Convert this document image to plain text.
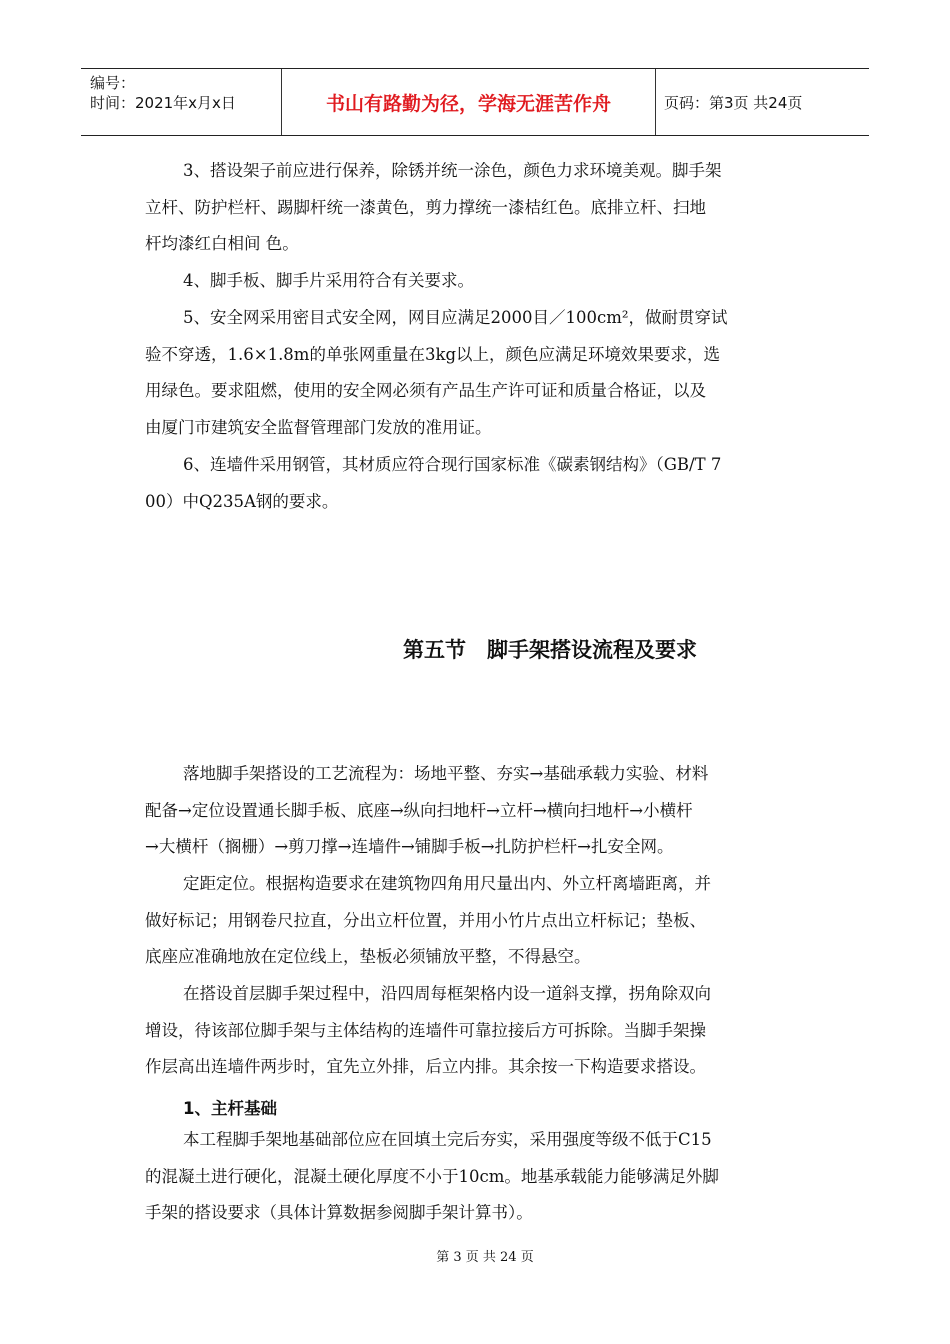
编号：
时间：2021年x月x日	书山有路勤为径，学海无涯苦作舟	页码：第3页 共24页
3、搭设架子前应进行保养，除锈并统一涂色，颜色力求环境美观。脚手架
立杆、防护栏杆、踢脚杆统一漆黄色，剪力撑统一漆桔红色。底排立杆、扫地
杆均漆红白相间 色。
4、脚手板、脚手片采用符合有关要求。
5、安全网采用密目式安全网，网目应满足2000目／100cm²，做耐贯穿试
验不穿透，1.6×1.8m的单张网重量在3kg以上，颜色应满足环境效果要求，选
用绿色。要求阻燃，使用的安全网必须有产品生产许可证和质量合格证，以及
由厦门市建筑安全监督管理部门发放的准用证。
6、连墙件采用钢管，其材质应符合现行国家标准《碳素钢结构》（GB/T 7
00）中Q235A钢的要求。
第五节　脚手架搭设流程及要求
落地脚手架搭设的工艺流程为：场地平整、夯实→基础承载力实验、材料
配备→定位设置通长脚手板、底座→纵向扫地杆→立杆→横向扫地杆→小横杆
→大横杆（搁栅）→剪刀撑→连墙件→铺脚手板→扎防护栏杆→扎安全网。
定距定位。根据构造要求在建筑物四角用尺量出内、外立杆离墙距离，并
做好标记；用钢卷尺拉直，分出立杆位置，并用小竹片点出立杆标记；垫板、
底座应准确地放在定位线上，垫板必须铺放平整，不得悬空。
在搭设首层脚手架过程中，沿四周每框架格内设一道斜支撑，拐角除双向
增设，待该部位脚手架与主体结构的连墙件可靠拉接后方可拆除。当脚手架操
作层高出连墙件两步时，宜先立外排，后立内排。其余按一下构造要求搭设。
1、主杆基础
本工程脚手架地基础部位应在回填土完后夯实，采用强度等级不低于C15
的混凝土进行硬化，混凝土硬化厚度不小于10cm。地基承载能力能够满足外脚
手架的搭设要求（具体计算数据参阅脚手架计算书）。
第 3 页 共 24 页
